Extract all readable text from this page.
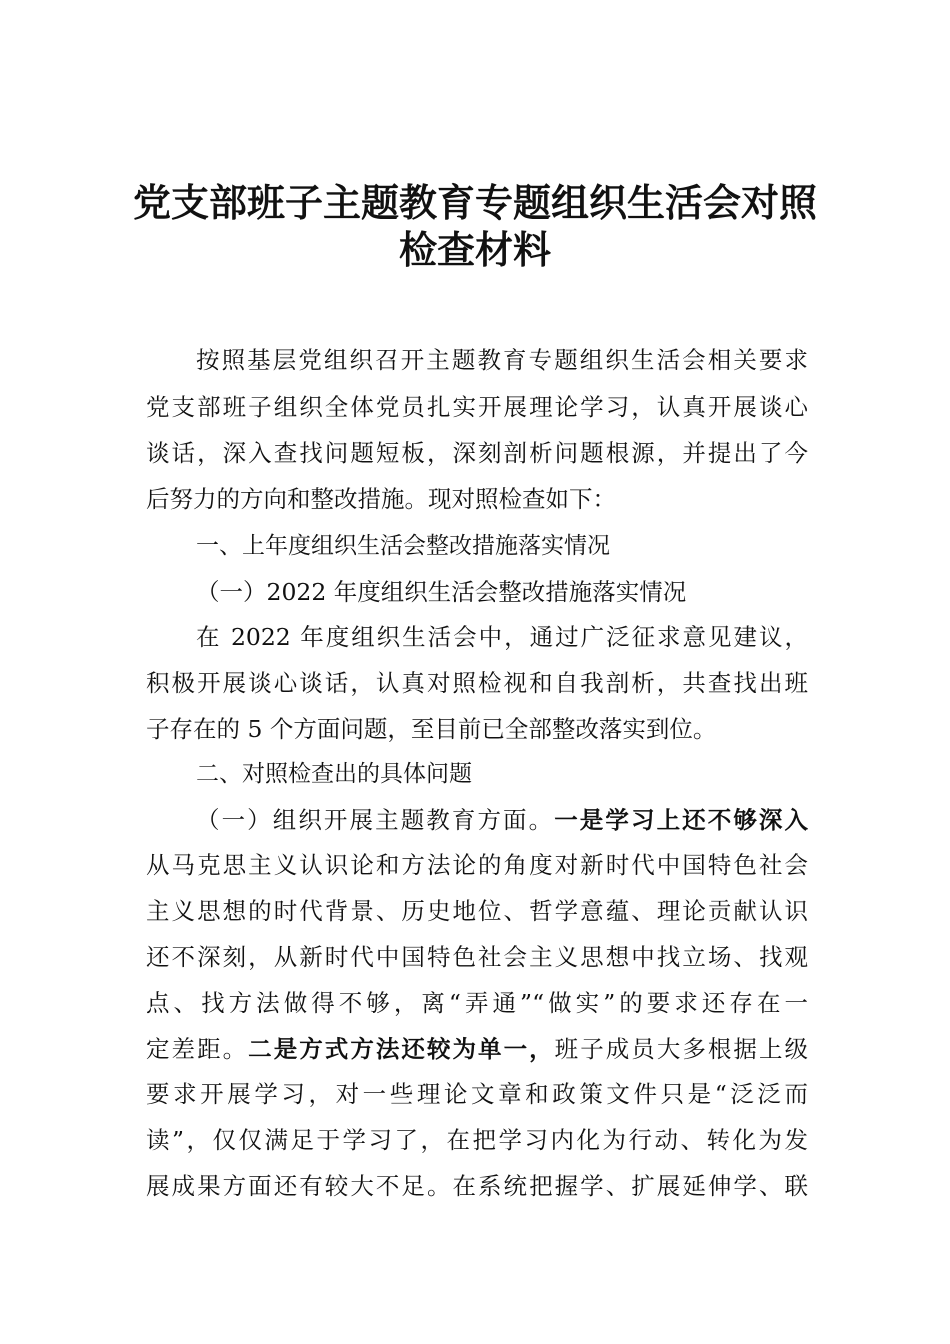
党支部班子主题教育专题组织生活会对照
检查材料
按照基层党组织召开主题教育专题组织生活会相关要求
党支部班子组织全体党员扎实开展理论学习，认真开展谈心
谈话，深入查找问题短板，深刻剖析问题根源，并提出了今
后努力的方向和整改措施。现对照检查如下：
一、上年度组织生活会整改措施落实情况
（一）2022 年度组织生活会整改措施落实情况
在 2022 年度组织生活会中，通过广泛征求意见建议，
积极开展谈心谈话，认真对照检视和自我剖析，共查找出班
子存在的 5 个方面问题，至目前已全部整改落实到位。
二、对照检查出的具体问题
（一）组织开展主题教育方面。一是学习上还不够深入
从马克思主义认识论和方法论的角度对新时代中国特色社会
主义思想的时代背景、历史地位、哲学意蕴、理论贡献认识
还不深刻，从新时代中国特色社会主义思想中找立场、找观
点、找方法做得不够，离“弄通”“做实”的要求还存在一
定差距。二是方式方法还较为单一，班子成员大多根据上级
要求开展学习，对一些理论文章和政策文件只是“泛泛而
读”，仅仅满足于学习了，在把学习内化为行动、转化为发
展成果方面还有较大不足。在系统把握学、扩展延伸学、联
